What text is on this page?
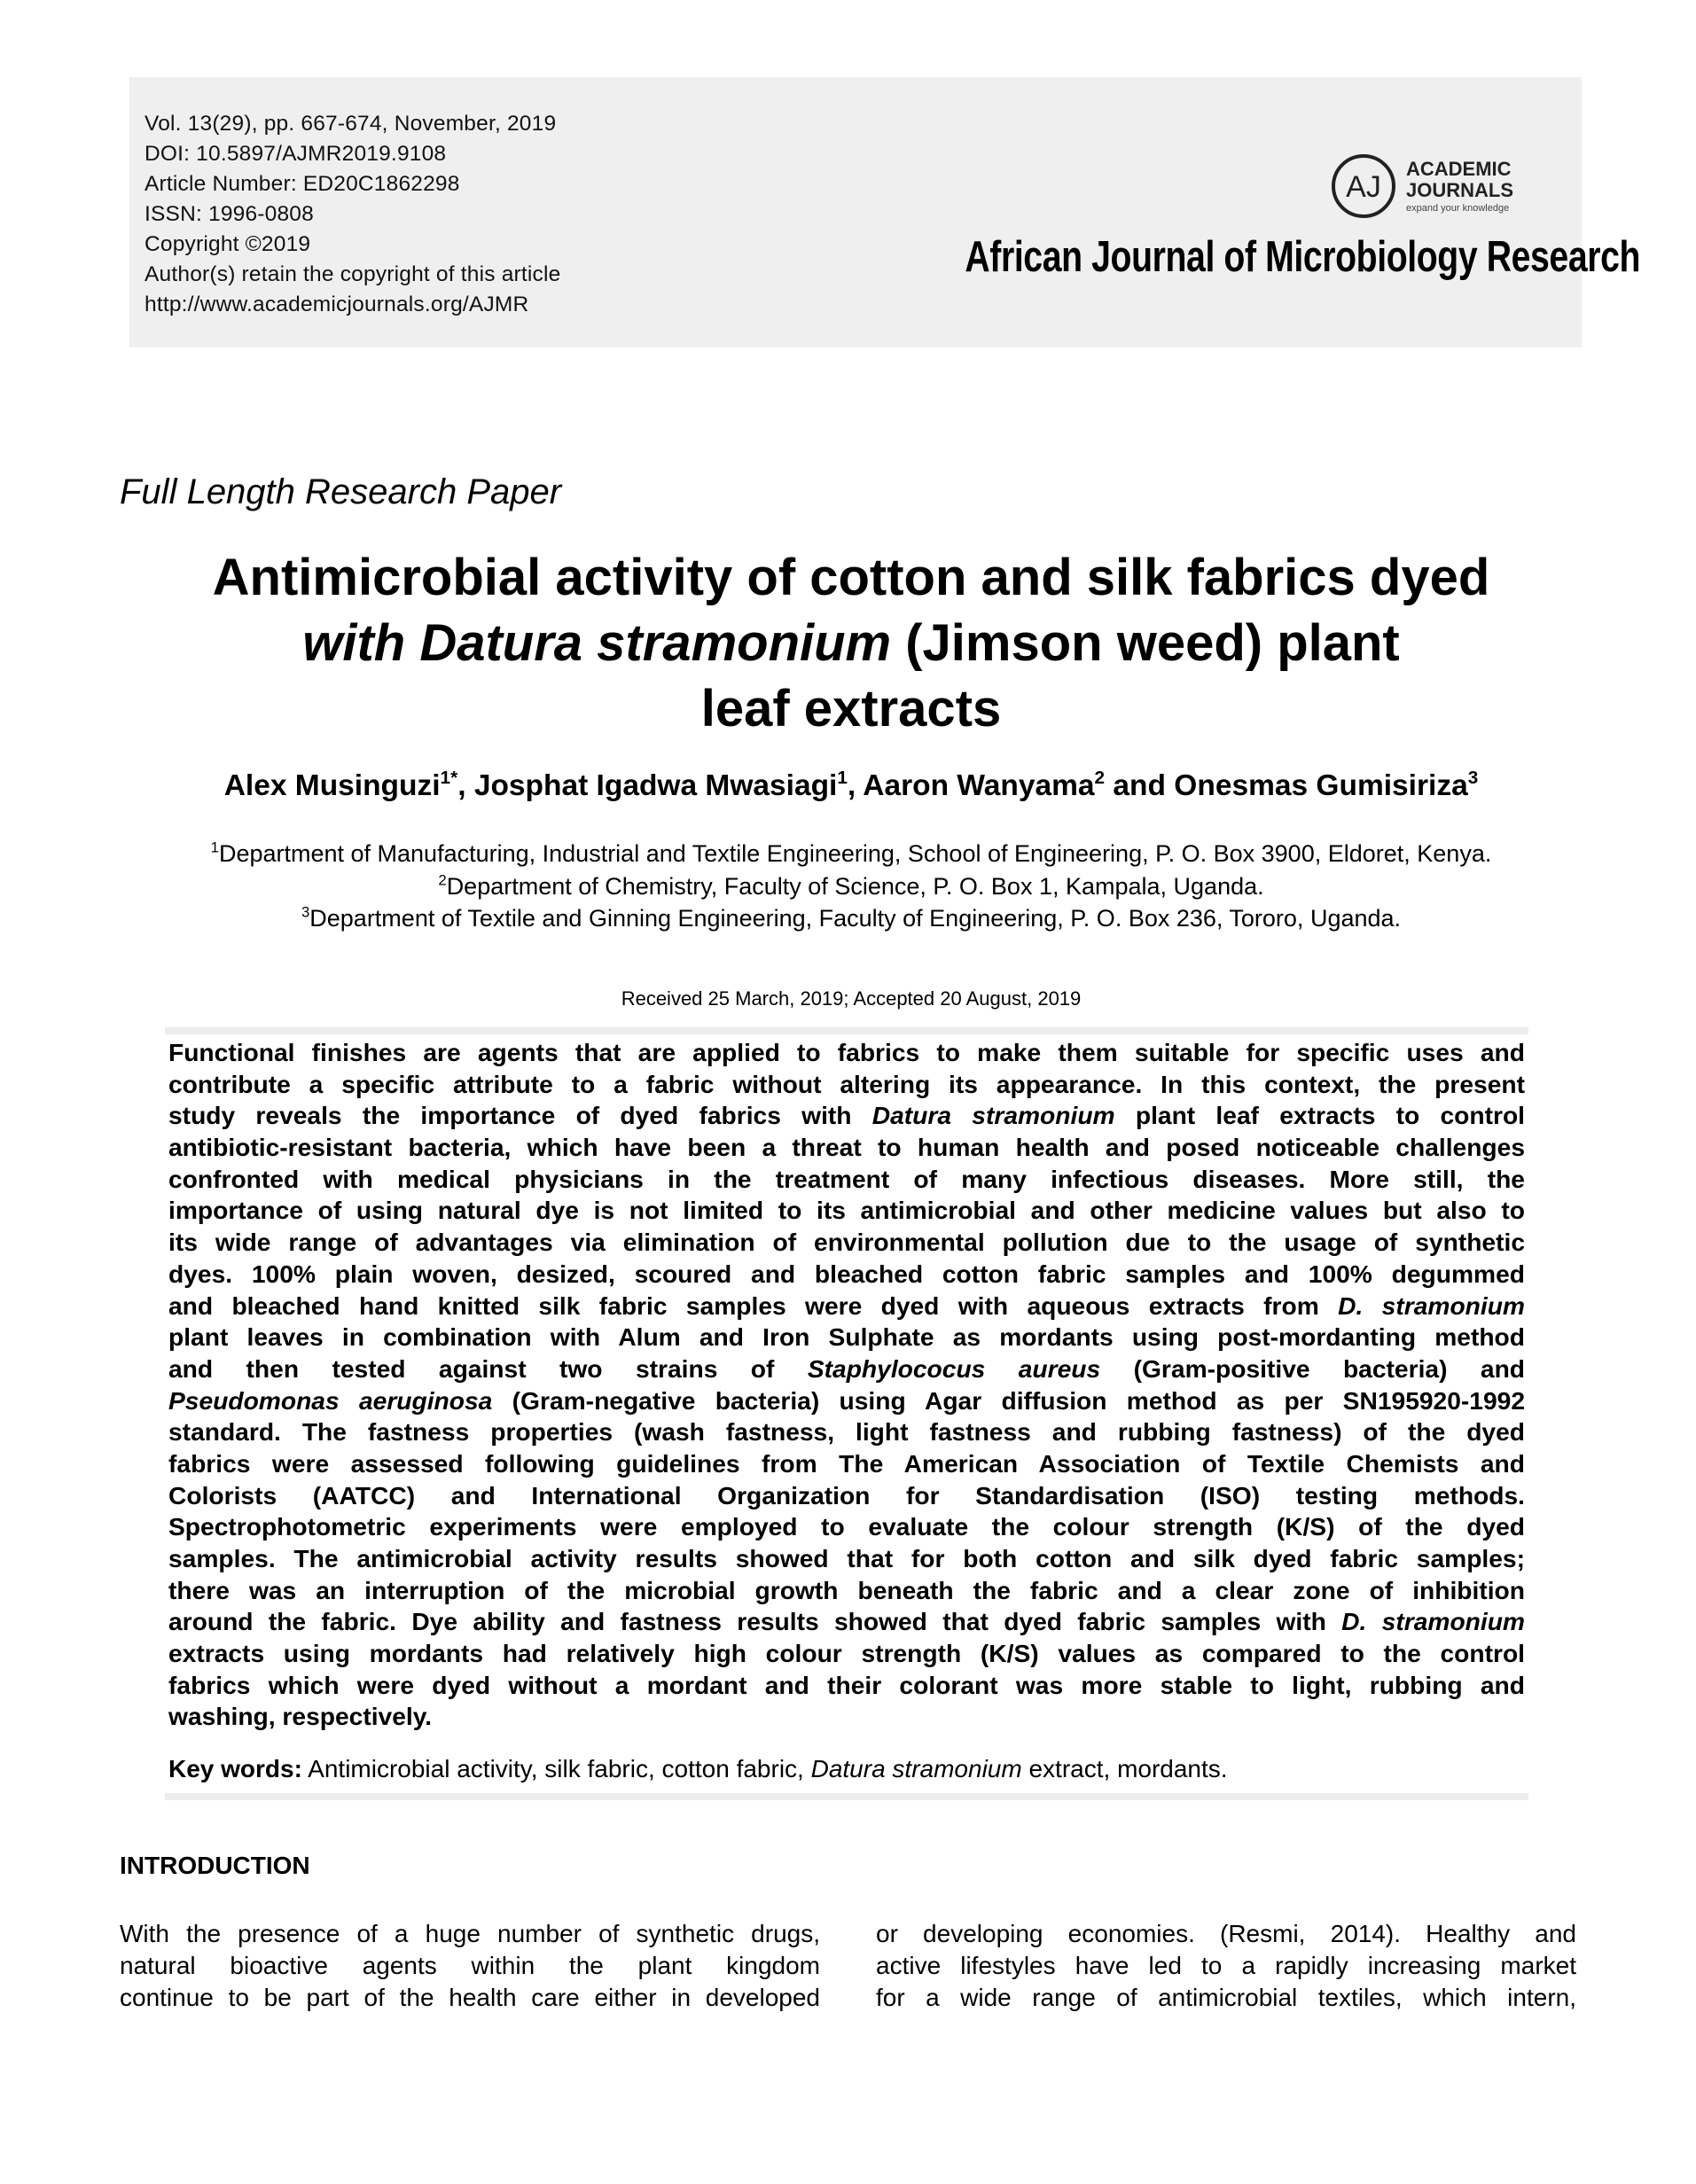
Vol. 13(29), pp. 667-674, November, 2019
DOI: 10.5897/AJMR2019.9108
Article Number: ED20C1862298
ISSN: 1996-0808
Copyright ©2019
Author(s) retain the copyright of this article
http://www.academicjournals.org/AJMR
AJ
ACADEMIC
JOURNALS
expand your knowledge
African Journal of Microbiology Research
Full Length Research Paper
Antimicrobial activity of cotton and silk fabrics dyed
with Datura stramonium (Jimson weed) plant
leaf extracts
Alex Musinguzi$^{1*}$, Josphat Igadwa Mwasiagi$^1$, Aaron Wanyama$^2$ and Onesmas Gumisiriza$^3$
$^1$Department of Manufacturing, Industrial and Textile Engineering, School of Engineering, P. O. Box 3900, Eldoret, Kenya.
$^2$Department of Chemistry, Faculty of Science, P. O. Box 1, Kampala, Uganda.
$^3$Department of Textile and Ginning Engineering, Faculty of Engineering, P. O. Box 236, Tororo, Uganda.
Received 25 March, 2019; Accepted 20 August, 2019
Functional finishes are agents that are applied to fabrics to make them suitable for specific uses and
contribute a specific attribute to a fabric without altering its appearance. In this context, the present
study reveals the importance of dyed fabrics with Datura stramonium plant leaf extracts to control
antibiotic-resistant bacteria, which have been a threat to human health and posed noticeable challenges
confronted with medical physicians in the treatment of many infectious diseases. More still, the
importance of using natural dye is not limited to its antimicrobial and other medicine values but also to
its wide range of advantages via elimination of environmental pollution due to the usage of synthetic
dyes. 100% plain woven, desized, scoured and bleached cotton fabric samples and 100% degummed
and bleached hand knitted silk fabric samples were dyed with aqueous extracts from D. stramonium
plant leaves in combination with Alum and Iron Sulphate as mordants using post-mordanting method
and then tested against two strains of Staphylococus aureus (Gram-positive bacteria) and
Pseudomonas aeruginosa (Gram-negative bacteria) using Agar diffusion method as per SN195920-1992
standard. The fastness properties (wash fastness, light fastness and rubbing fastness) of the dyed
fabrics were assessed following guidelines from The American Association of Textile Chemists and
Colorists (AATCC) and International Organization for Standardisation (ISO) testing methods.
Spectrophotometric experiments were employed to evaluate the colour strength (K/S) of the dyed
samples. The antimicrobial activity results showed that for both cotton and silk dyed fabric samples;
there was an interruption of the microbial growth beneath the fabric and a clear zone of inhibition
around the fabric. Dye ability and fastness results showed that dyed fabric samples with D. stramonium
extracts using mordants had relatively high colour strength (K/S) values as compared to the control
fabrics which were dyed without a mordant and their colorant was more stable to light, rubbing and
washing, respectively.
Key words: Antimicrobial activity, silk fabric, cotton fabric, Datura stramonium extract, mordants.
INTRODUCTION
With the presence of a huge number of synthetic drugs,
natural bioactive agents within the plant kingdom
continue to be part of the health care either in developed
or developing economies. (Resmi, 2014). Healthy and
active lifestyles have led to a rapidly increasing market
for a wide range of antimicrobial textiles, which intern,
